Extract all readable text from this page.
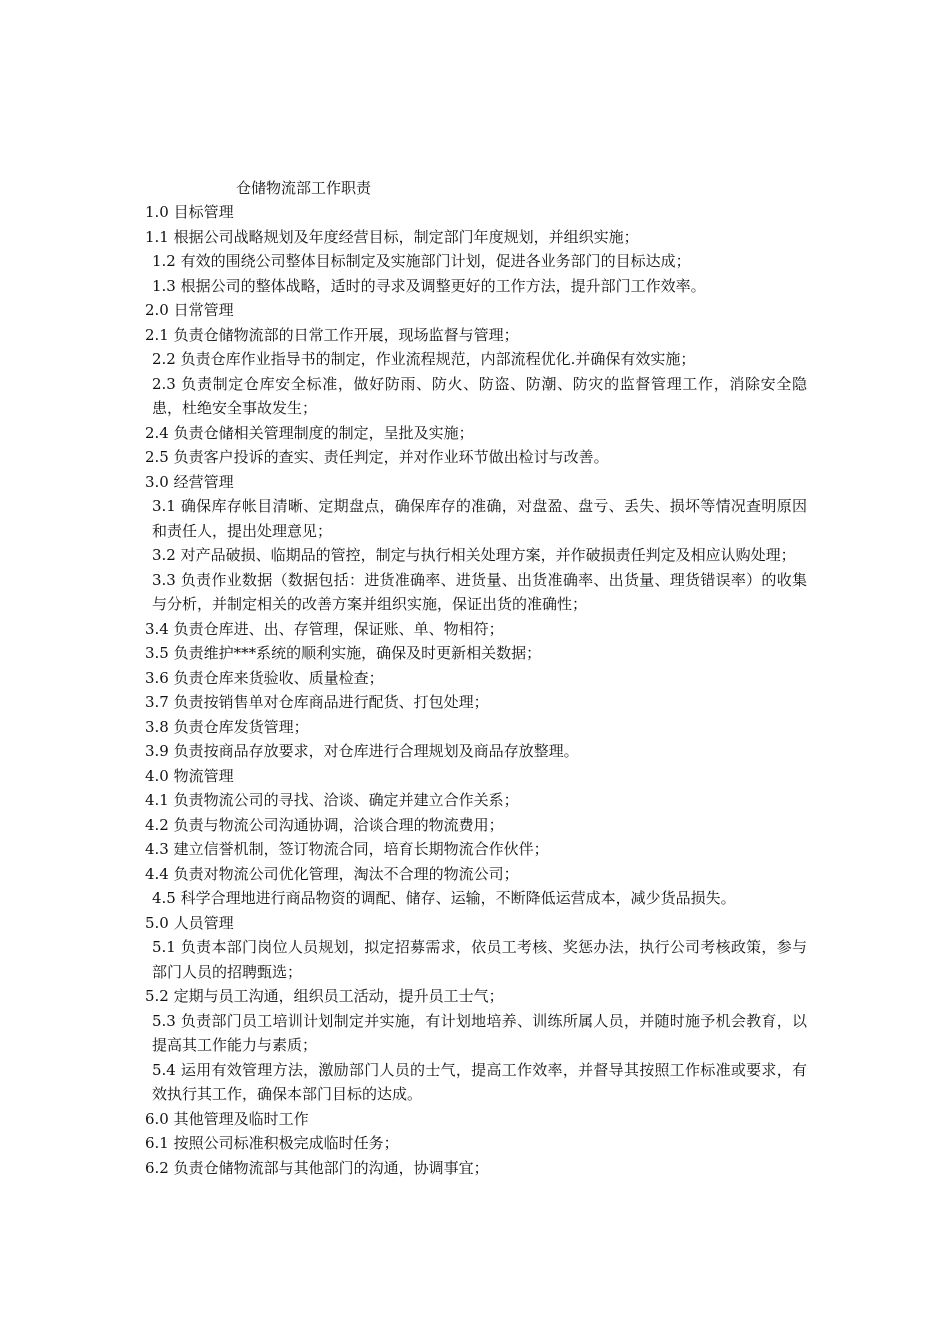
仓储物流部工作职责
1.0 目标管理
1.1 根据公司战略规划及年度经营目标，制定部门年度规划，并组织实施；
1.2 有效的围绕公司整体目标制定及实施部门计划，促进各业务部门的目标达成；
1.3 根据公司的整体战略，适时的寻求及调整更好的工作方法，提升部门工作效率。
2.0 日常管理
2.1 负责仓储物流部的日常工作开展，现场监督与管理；
2.2 负责仓库作业指导书的制定，作业流程规范，内部流程优化.并确保有效实施；
2.3 负责制定仓库安全标准，做好防雨、防火、防盗、防潮、防灾的监督管理工作，消除安全隐患，杜绝安全事故发生；
2.4 负责仓储相关管理制度的制定，呈批及实施；
2.5 负责客户投诉的查实、责任判定，并对作业环节做出检讨与改善。
3.0 经营管理
3.1 确保库存帐目清晰、定期盘点，确保库存的准确，对盘盈、盘亏、丢失、损坏等情况查明原因和责任人，提出处理意见；
3.2 对产品破损、临期品的管控，制定与执行相关处理方案，并作破损责任判定及相应认购处理；
3.3 负责作业数据（数据包括：进货准确率、进货量、出货准确率、出货量、理货错误率）的收集与分析，并制定相关的改善方案并组织实施，保证出货的准确性；
3.4 负责仓库进、出、存管理，保证账、单、物相符；
3.5 负责维护***系统的顺利实施，确保及时更新相关数据；
3.6 负责仓库来货验收、质量检查；
3.7 负责按销售单对仓库商品进行配货、打包处理；
3.8 负责仓库发货管理；
3.9 负责按商品存放要求，对仓库进行合理规划及商品存放整理。
4.0 物流管理
4.1 负责物流公司的寻找、洽谈、确定并建立合作关系；
4.2 负责与物流公司沟通协调，洽谈合理的物流费用；
4.3 建立信誉机制，签订物流合同，培育长期物流合作伙伴；
4.4 负责对物流公司优化管理，淘汰不合理的物流公司；
4.5 科学合理地进行商品物资的调配、储存、运输，不断降低运营成本，减少货品损失。
5.0 人员管理
5.1 负责本部门岗位人员规划，拟定招募需求，依员工考核、奖惩办法，执行公司考核政策，参与部门人员的招聘甄选；
5.2 定期与员工沟通，组织员工活动，提升员工士气；
5.3 负责部门员工培训计划制定并实施，有计划地培养、训练所属人员，并随时施予机会教育，以提高其工作能力与素质；
5.4 运用有效管理方法，激励部门人员的士气，提高工作效率，并督导其按照工作标准或要求，有效执行其工作，确保本部门目标的达成。
6.0 其他管理及临时工作
6.1 按照公司标准积极完成临时任务；
6.2 负责仓储物流部与其他部门的沟通，协调事宜；
